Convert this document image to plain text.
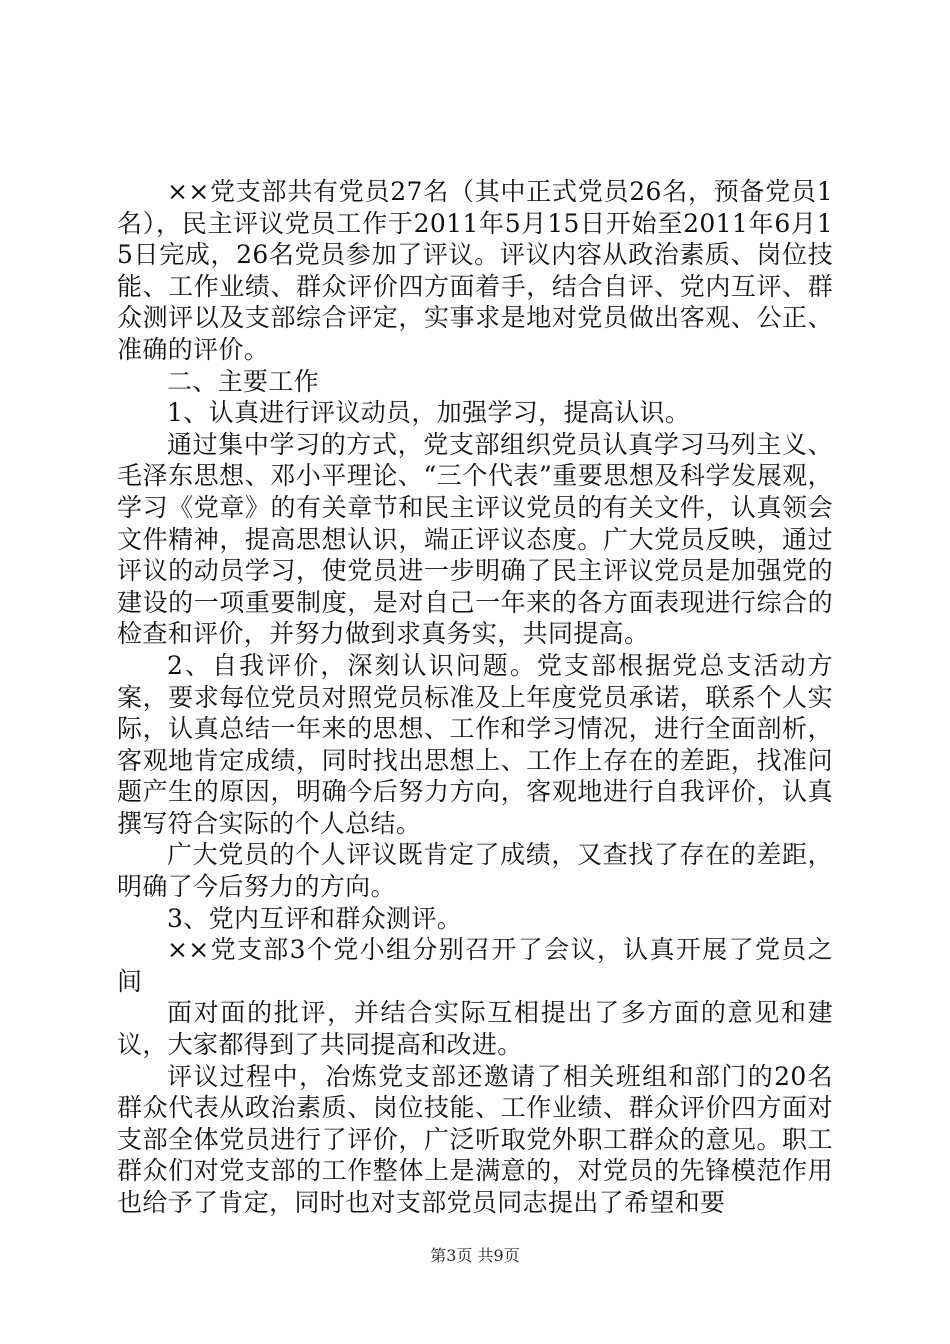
××党支部共有党员27名（其中正式党员26名，预备党员1名），民主评议党员工作于2011年5月15日开始至2011年6月15日完成，26名党员参加了评议。评议内容从政治素质、岗位技能、工作业绩、群众评价四方面着手，结合自评、党内互评、群众测评以及支部综合评定，实事求是地对党员做出客观、公正、准确的评价。

二、主要工作

1、认真进行评议动员，加强学习，提高认识。

通过集中学习的方式，党支部组织党员认真学习马列主义、毛泽东思想、邓小平理论、“三个代表”重要思想及科学发展观，学习《党章》的有关章节和民主评议党员的有关文件，认真领会文件精神，提高思想认识，端正评议态度。广大党员反映，通过评议的动员学习，使党员进一步明确了民主评议党员是加强党的建设的一项重要制度，是对自己一年来的各方面表现进行综合的检查和评价，并努力做到求真务实，共同提高。

2、自我评价，深刻认识问题。党支部根据党总支活动方案，要求每位党员对照党员标准及上年度党员承诺，联系个人实际，认真总结一年来的思想、工作和学习情况，进行全面剖析，客观地肯定成绩，同时找出思想上、工作上存在的差距，找准问题产生的原因，明确今后努力方向，客观地进行自我评价，认真撰写符合实际的个人总结。

广大党员的个人评议既肯定了成绩，又查找了存在的差距，明确了今后努力的方向。

3、党内互评和群众测评。

××党支部3个党小组分别召开了会议，认真开展了党员之间

面对面的批评，并结合实际互相提出了多方面的意见和建议，大家都得到了共同提高和改进。

评议过程中，冶炼党支部还邀请了相关班组和部门的20名群众代表从政治素质、岗位技能、工作业绩、群众评价四方面对支部全体党员进行了评价，广泛听取党外职工群众的意见。职工群众们对党支部的工作整体上是满意的，对党员的先锋模范作用也给予了肯定，同时也对支部党员同志提出了希望和要

第3页 共9页
